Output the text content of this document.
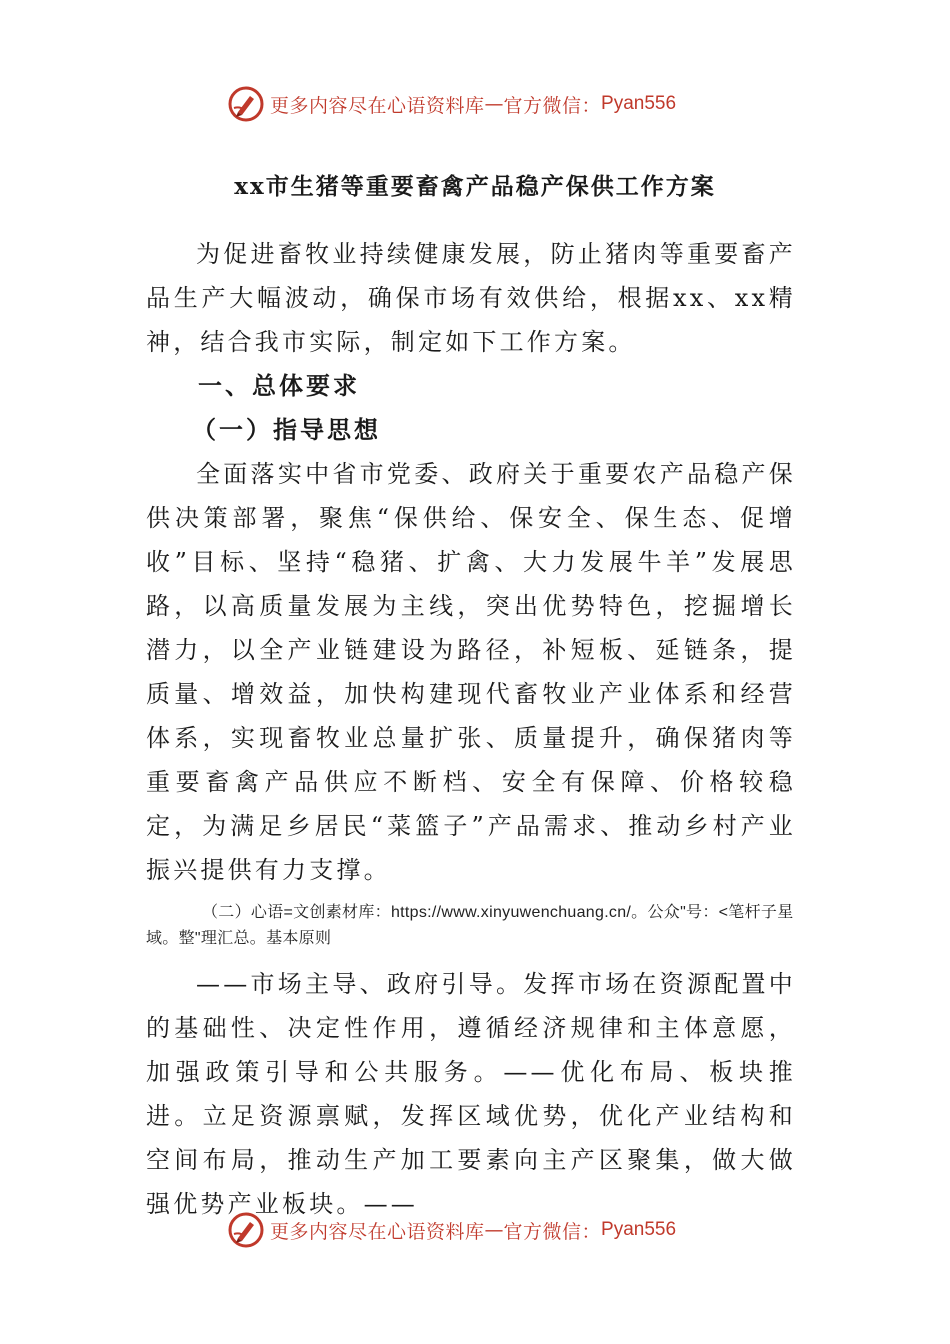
更多内容尽在心语资料库 — 官方微信： Pyan556
xx市生猪等重要畜禽产品稳产保供工作方案

为促进畜牧业持续健康发展，防止猪肉等重要畜产品生产大幅波动，确保市场有效供给，根据xx、xx精神，结合我市实际，制定如下工作方案。

一、总体要求

（一）指导思想

全面落实中省市党委、政府关于重要农产品稳产保供决策部署，聚焦“保供给、保安全、保生态、促增收”目标、坚持“稳猪、扩禽、大力发展牛羊”发展思路，以高质量发展为主线，突出优势特色，挖掘增长潜力，以全产业链建设为路径，补短板、延链条，提质量、增效益，加快构建现代畜牧业产业体系和经营体系，实现畜牧业总量扩张、质量提升，确保猪肉等重要畜禽产品供应不断档、安全有保障、价格较稳定，为满足乡居民“菜篮子”产品需求、推动乡村产业振兴提供有力支撑。

（二）心语=文创素材库：https://www.xinyuwenchuang.cn/。公众"号：<笔杆子星域。整"理汇总。基本原则

——市场主导、政府引导。发挥市场在资源配置中的基础性、决定性作用，遵循经济规律和主体意愿，加强政策引导和公共服务。——优化布局、板块推进。立足资源禀赋，发挥区域优势，优化产业结构和空间布局，推动生产加工要素向主产区聚集，做大做强优势产业板块。——

更多内容尽在心语资料库 — 官方微信： Pyan556
